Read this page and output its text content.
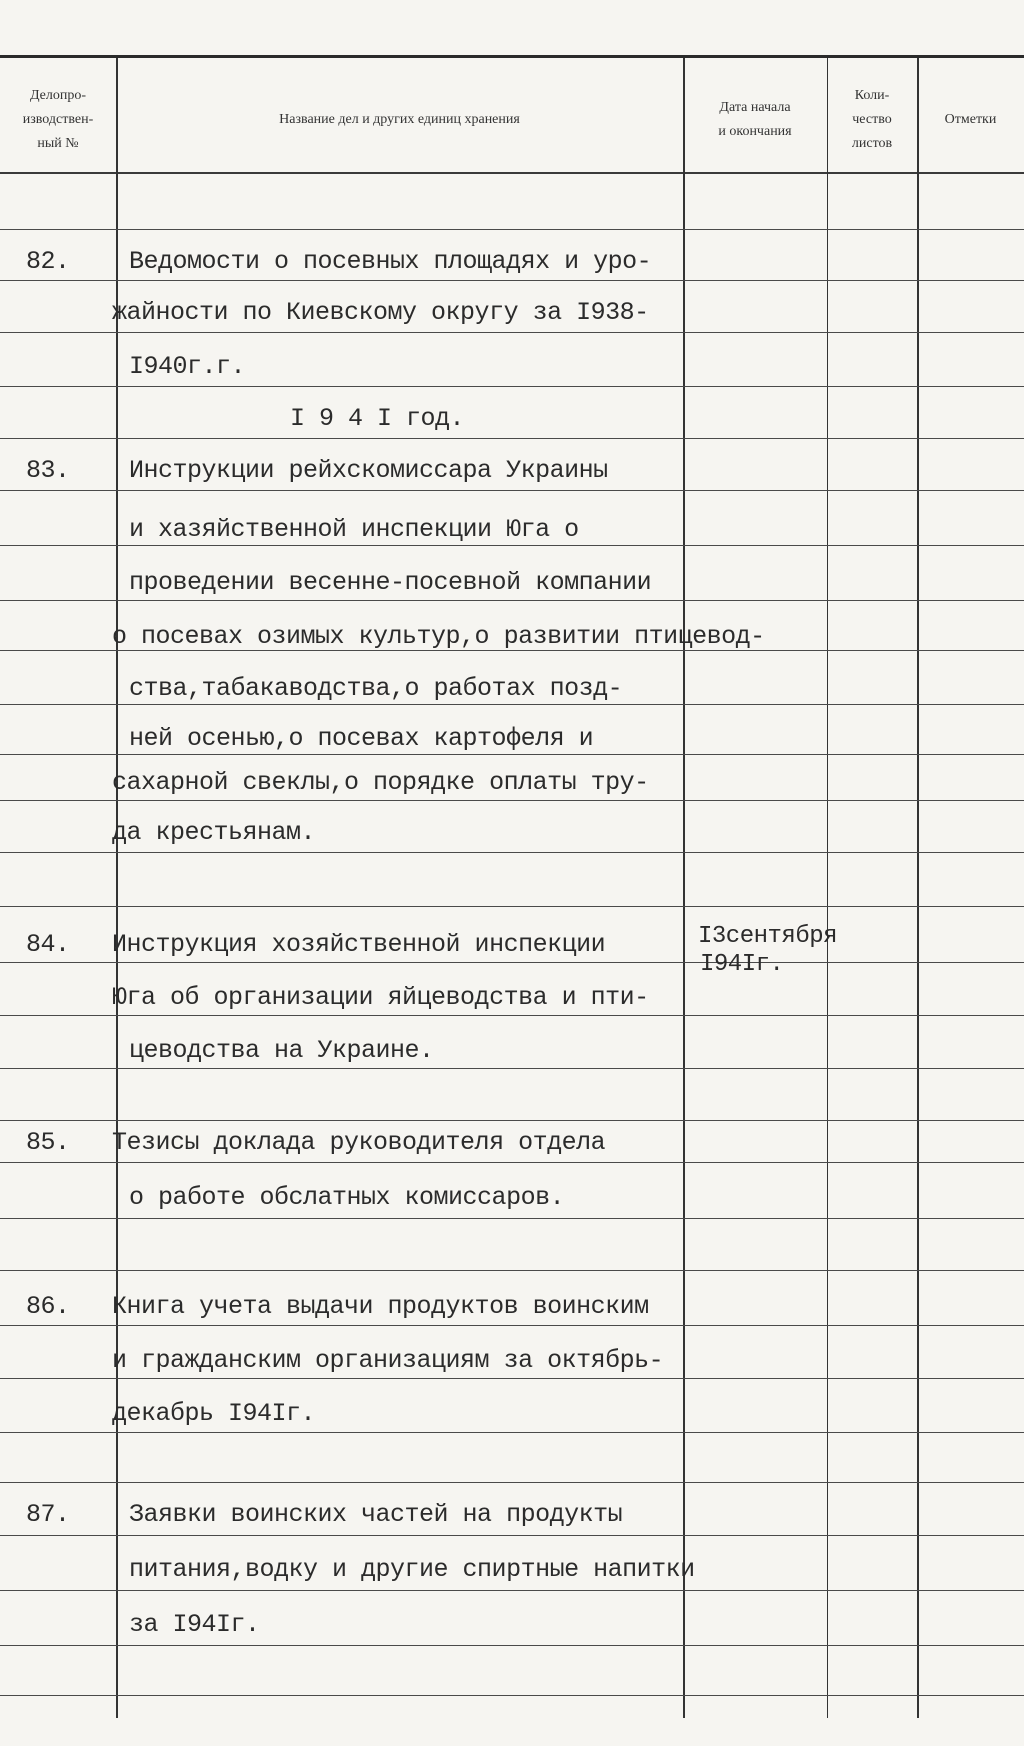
Делопро-
изводствен-
ный №
Название дел и других единиц хранения
Дата начала
и окончания
Коли-
чество
листов
Отметки
82. Ведомости о посевных площадях и уро-
жайности по Киевскому округу за I938-
I940г.г.
I 9 4 I год.
83. Инструкции рейхскомиссара Украины
и хазяйственной инспекции Юга о
проведении весенне-посевной компании
о посевах озимых культур,о развитии птицевод-
ства,табакаводства,о работах позд-
ней осенью,о посевах картофеля и
сахарной свеклы,о порядке оплаты тру-
да крестьянам.
84. Инструкция хозяйственной инспекции
Юга об организации яйцеводства и пти-
цеводства на Украине.
I3сентября
I94Iг.
85. Тезисы доклада руководителя отдела
о работе обслатных комиссаров.
86. Книга учета выдачи продуктов воинским
и гражданским организациям за октябрь-
декабрь I94Iг.
87. Заявки воинских частей на продукты
питания,водку и другие спиртные напитки
за I94Iг.
